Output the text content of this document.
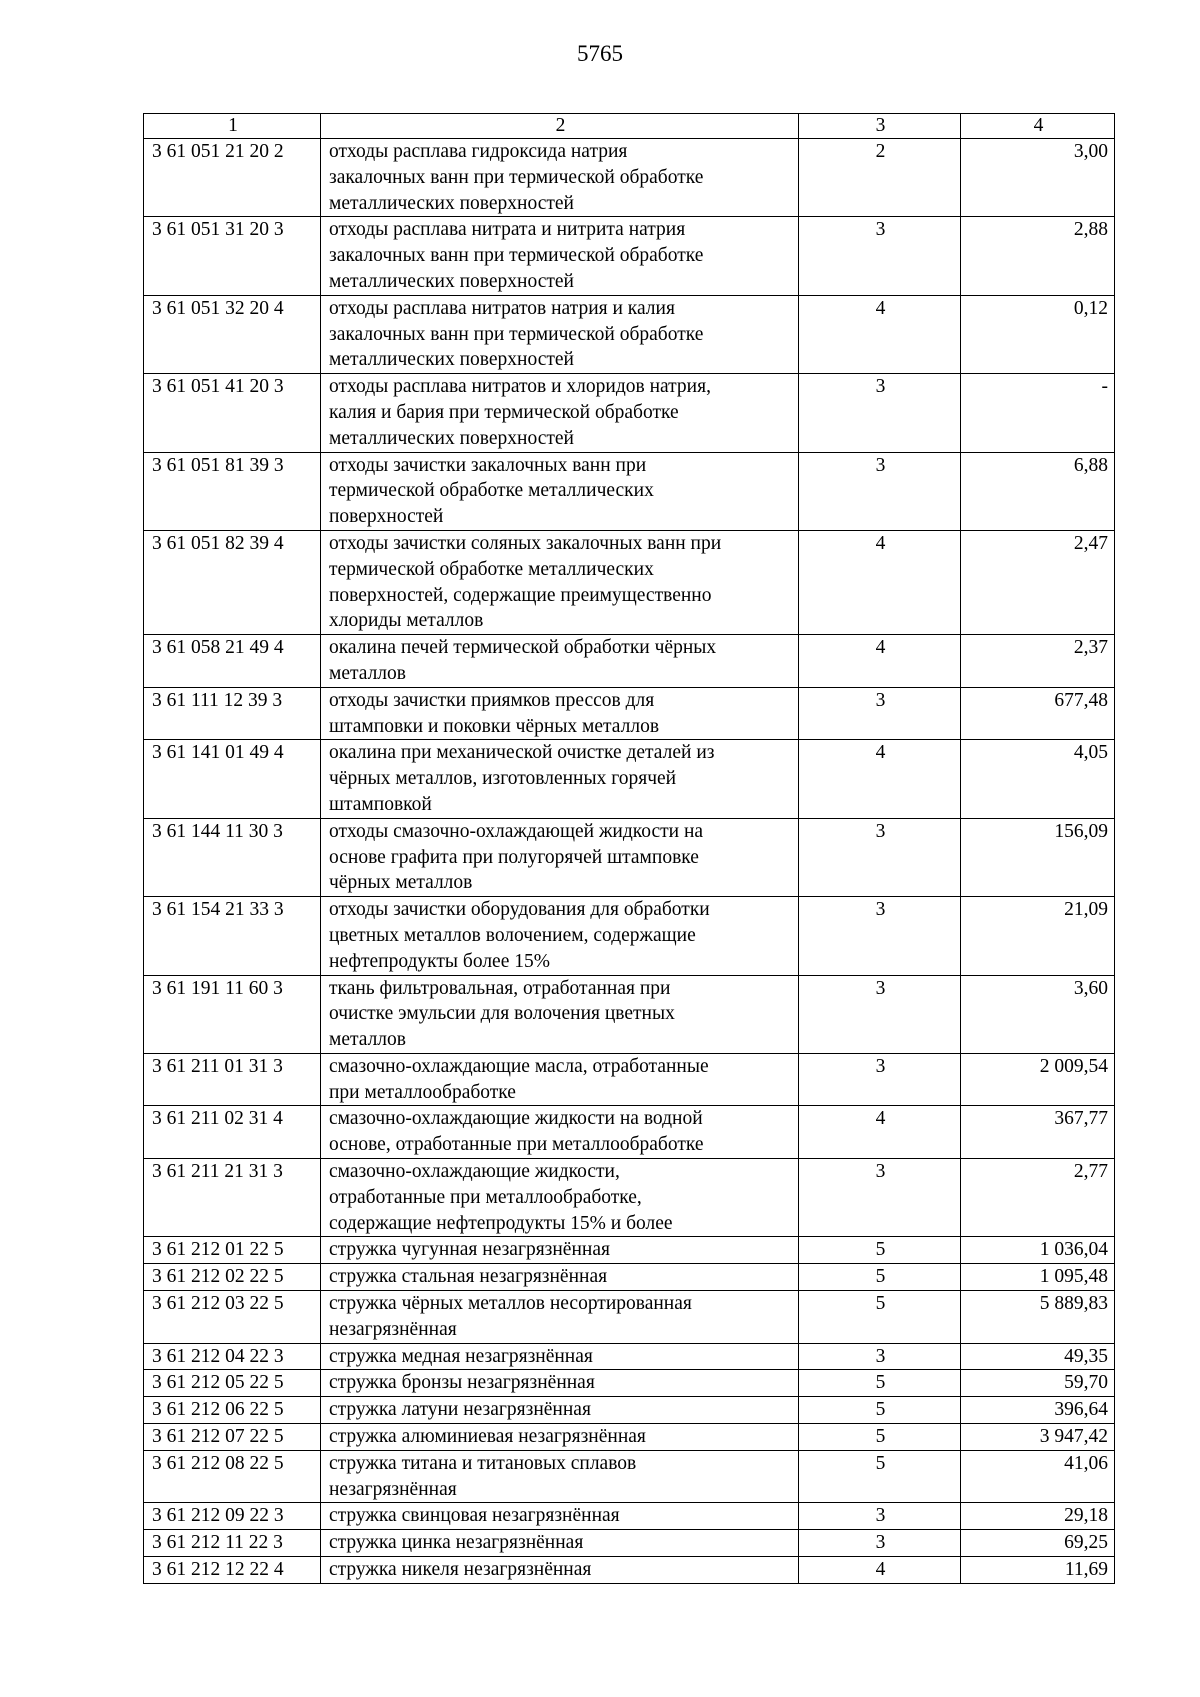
5765
1	2	3	4
3 61 051 21 20 2	отходы расплава гидроксида натрия
закалочных ванн при термической обработке
металлических поверхностей	2	3,00
3 61 051 31 20 3	отходы расплава нитрата и нитрита натрия
закалочных ванн при термической обработке
металлических поверхностей	3	2,88
3 61 051 32 20 4	отходы расплава нитратов натрия и калия
закалочных ванн при термической обработке
металлических поверхностей	4	0,12
3 61 051 41 20 3	отходы расплава нитратов и хлоридов натрия,
калия и бария при термической обработке
металлических поверхностей	3	-
3 61 051 81 39 3	отходы зачистки закалочных ванн при
термической обработке металлических
поверхностей	3	6,88
3 61 051 82 39 4	отходы зачистки соляных закалочных ванн при
термической обработке металлических
поверхностей, содержащие преимущественно
хлориды металлов	4	2,47
3 61 058 21 49 4	окалина печей термической обработки чёрных
металлов	4	2,37
3 61 111 12 39 3	отходы зачистки приямков прессов для
штамповки и поковки чёрных металлов	3	677,48
3 61 141 01 49 4	окалина при механической очистке деталей из
чёрных металлов, изготовленных горячей
штамповкой	4	4,05
3 61 144 11 30 3	отходы смазочно-охлаждающей жидкости на
основе графита при полугорячей штамповке
чёрных металлов	3	156,09
3 61 154 21 33 3	отходы зачистки оборудования для обработки
цветных металлов волочением, содержащие
нефтепродукты более 15%	3	21,09
3 61 191 11 60 3	ткань фильтровальная, отработанная при
очистке эмульсии для волочения цветных
металлов	3	3,60
3 61 211 01 31 3	смазочно-охлаждающие масла, отработанные
при металлообработке	3	2 009,54
3 61 211 02 31 4	смазочно-охлаждающие жидкости на водной
основе, отработанные при металлообработке	4	367,77
3 61 211 21 31 3	смазочно-охлаждающие жидкости,
отработанные при металлообработке,
содержащие нефтепродукты 15% и более	3	2,77
3 61 212 01 22 5	стружка чугунная незагрязнённая	5	1 036,04
3 61 212 02 22 5	стружка стальная незагрязнённая	5	1 095,48
3 61 212 03 22 5	стружка чёрных металлов несортированная
незагрязнённая	5	5 889,83
3 61 212 04 22 3	стружка медная незагрязнённая	3	49,35
3 61 212 05 22 5	стружка бронзы незагрязнённая	5	59,70
3 61 212 06 22 5	стружка латуни незагрязнённая	5	396,64
3 61 212 07 22 5	стружка алюминиевая незагрязнённая	5	3 947,42
3 61 212 08 22 5	стружка титана и титановых сплавов
незагрязнённая	5	41,06
3 61 212 09 22 3	стружка свинцовая незагрязнённая	3	29,18
3 61 212 11 22 3	стружка цинка незагрязнённая	3	69,25
3 61 212 12 22 4	стружка никеля незагрязнённая	4	11,69
